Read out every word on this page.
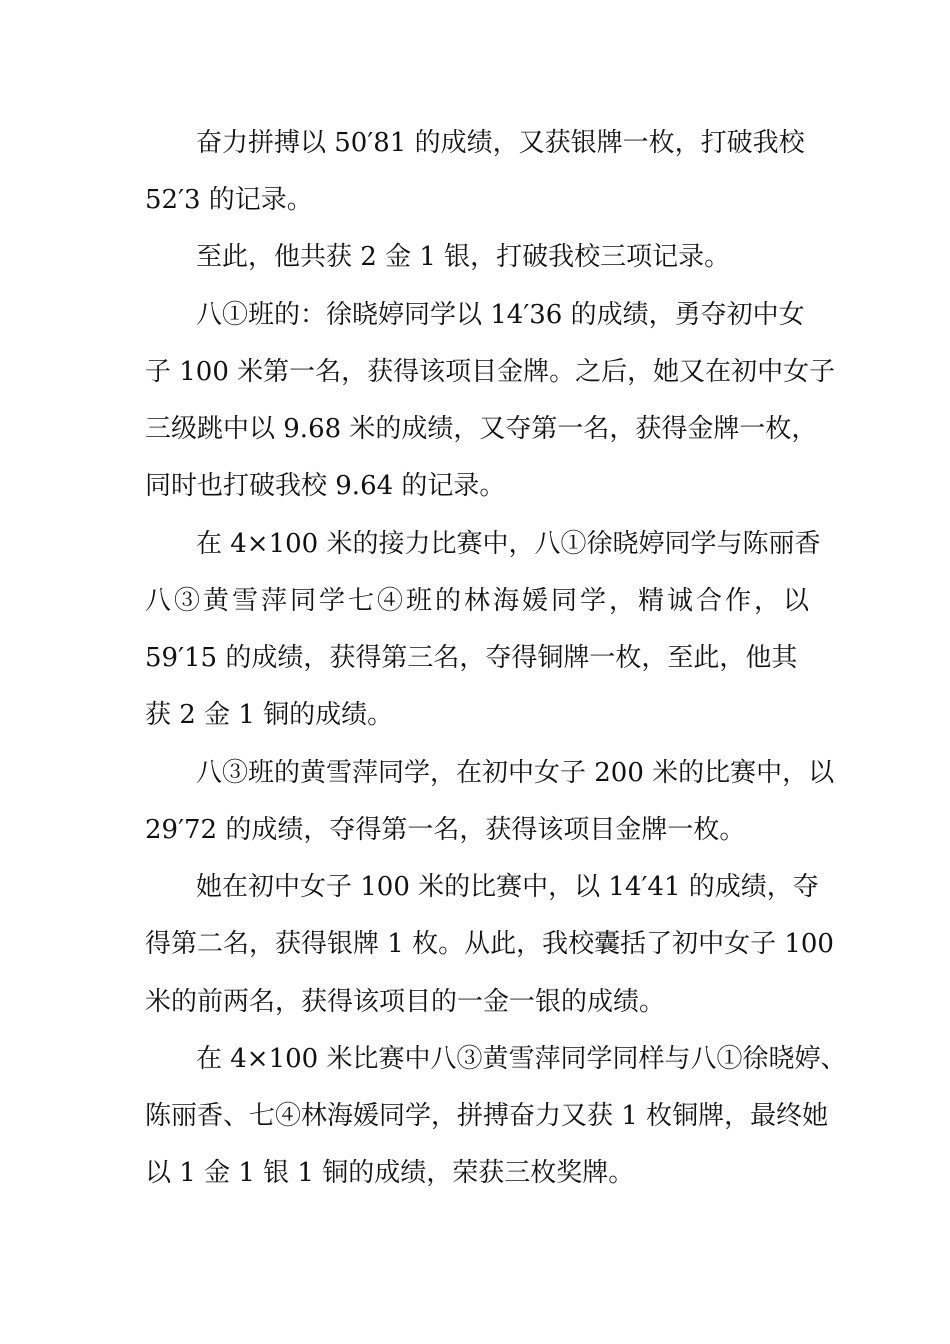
奋力拼搏以 50′81 的成绩，又获银牌一枚，打破我校
52′3 的记录。
至此，他共获 2 金 1 银，打破我校三项记录。
八①班的：徐晓婷同学以 14′36 的成绩，勇夺初中女
子 100 米第一名，获得该项目金牌。之后，她又在初中女子
三级跳中以 9.68 米的成绩，又夺第一名，获得金牌一枚，
同时也打破我校 9.64 的记录。
在 4×100 米的接力比赛中，八①徐晓婷同学与陈丽香
八③黄雪萍同学七④班的林海媛同学，精诚合作，以
59′15 的成绩，获得第三名，夺得铜牌一枚，至此，他其
获 2 金 1 铜的成绩。
八③班的黄雪萍同学，在初中女子 200 米的比赛中，以
29′72 的成绩，夺得第一名，获得该项目金牌一枚。
她在初中女子 100 米的比赛中，以 14′41 的成绩，夺
得第二名，获得银牌 1 枚。从此，我校囊括了初中女子 100
米的前两名，获得该项目的一金一银的成绩。
在 4×100 米比赛中八③黄雪萍同学同样与八①徐晓婷、
陈丽香、七④林海媛同学，拼搏奋力又获 1 枚铜牌，最终她
以 1 金 1 银 1 铜的成绩，荣获三枚奖牌。
